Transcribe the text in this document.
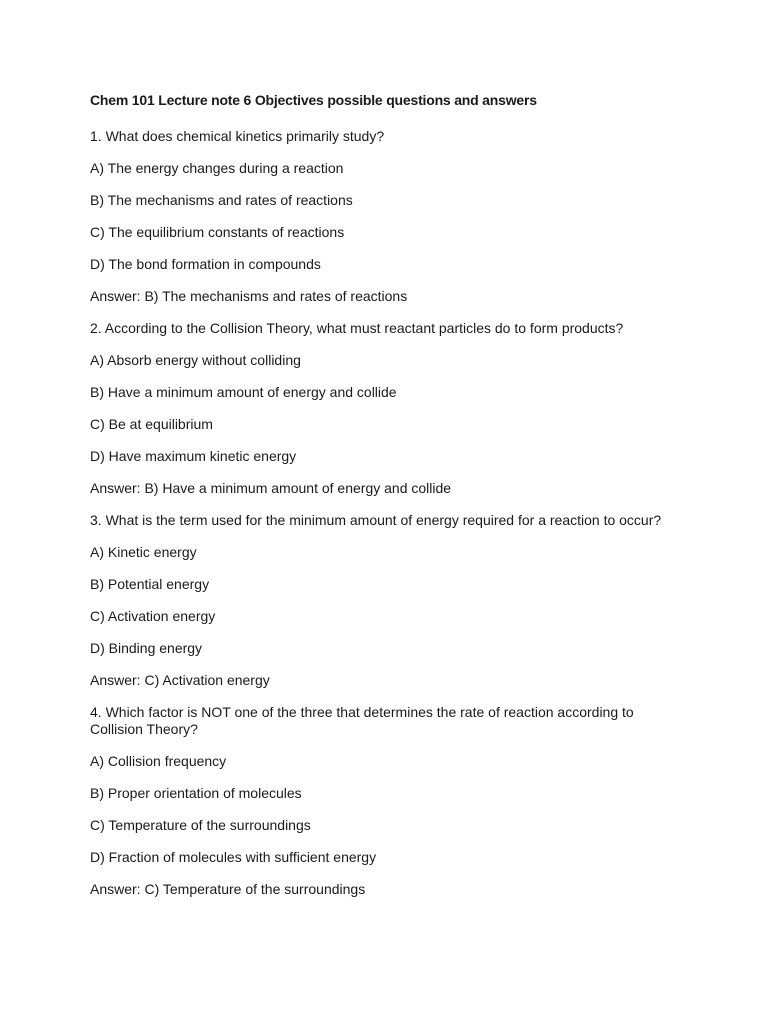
Chem 101 Lecture note 6 Objectives possible questions and answers
1. What does chemical kinetics primarily study?
A) The energy changes during a reaction
B) The mechanisms and rates of reactions
C) The equilibrium constants of reactions
D) The bond formation in compounds
Answer: B) The mechanisms and rates of reactions
2. According to the Collision Theory, what must reactant particles do to form products?
A) Absorb energy without colliding
B) Have a minimum amount of energy and collide
C) Be at equilibrium
D) Have maximum kinetic energy
Answer: B) Have a minimum amount of energy and collide
3. What is the term used for the minimum amount of energy required for a reaction to occur?
A) Kinetic energy
B) Potential energy
C) Activation energy
D) Binding energy
Answer: C) Activation energy
4. Which factor is NOT one of the three that determines the rate of reaction according to Collision Theory?
A) Collision frequency
B) Proper orientation of molecules
C) Temperature of the surroundings
D) Fraction of molecules with sufficient energy
Answer: C) Temperature of the surroundings
